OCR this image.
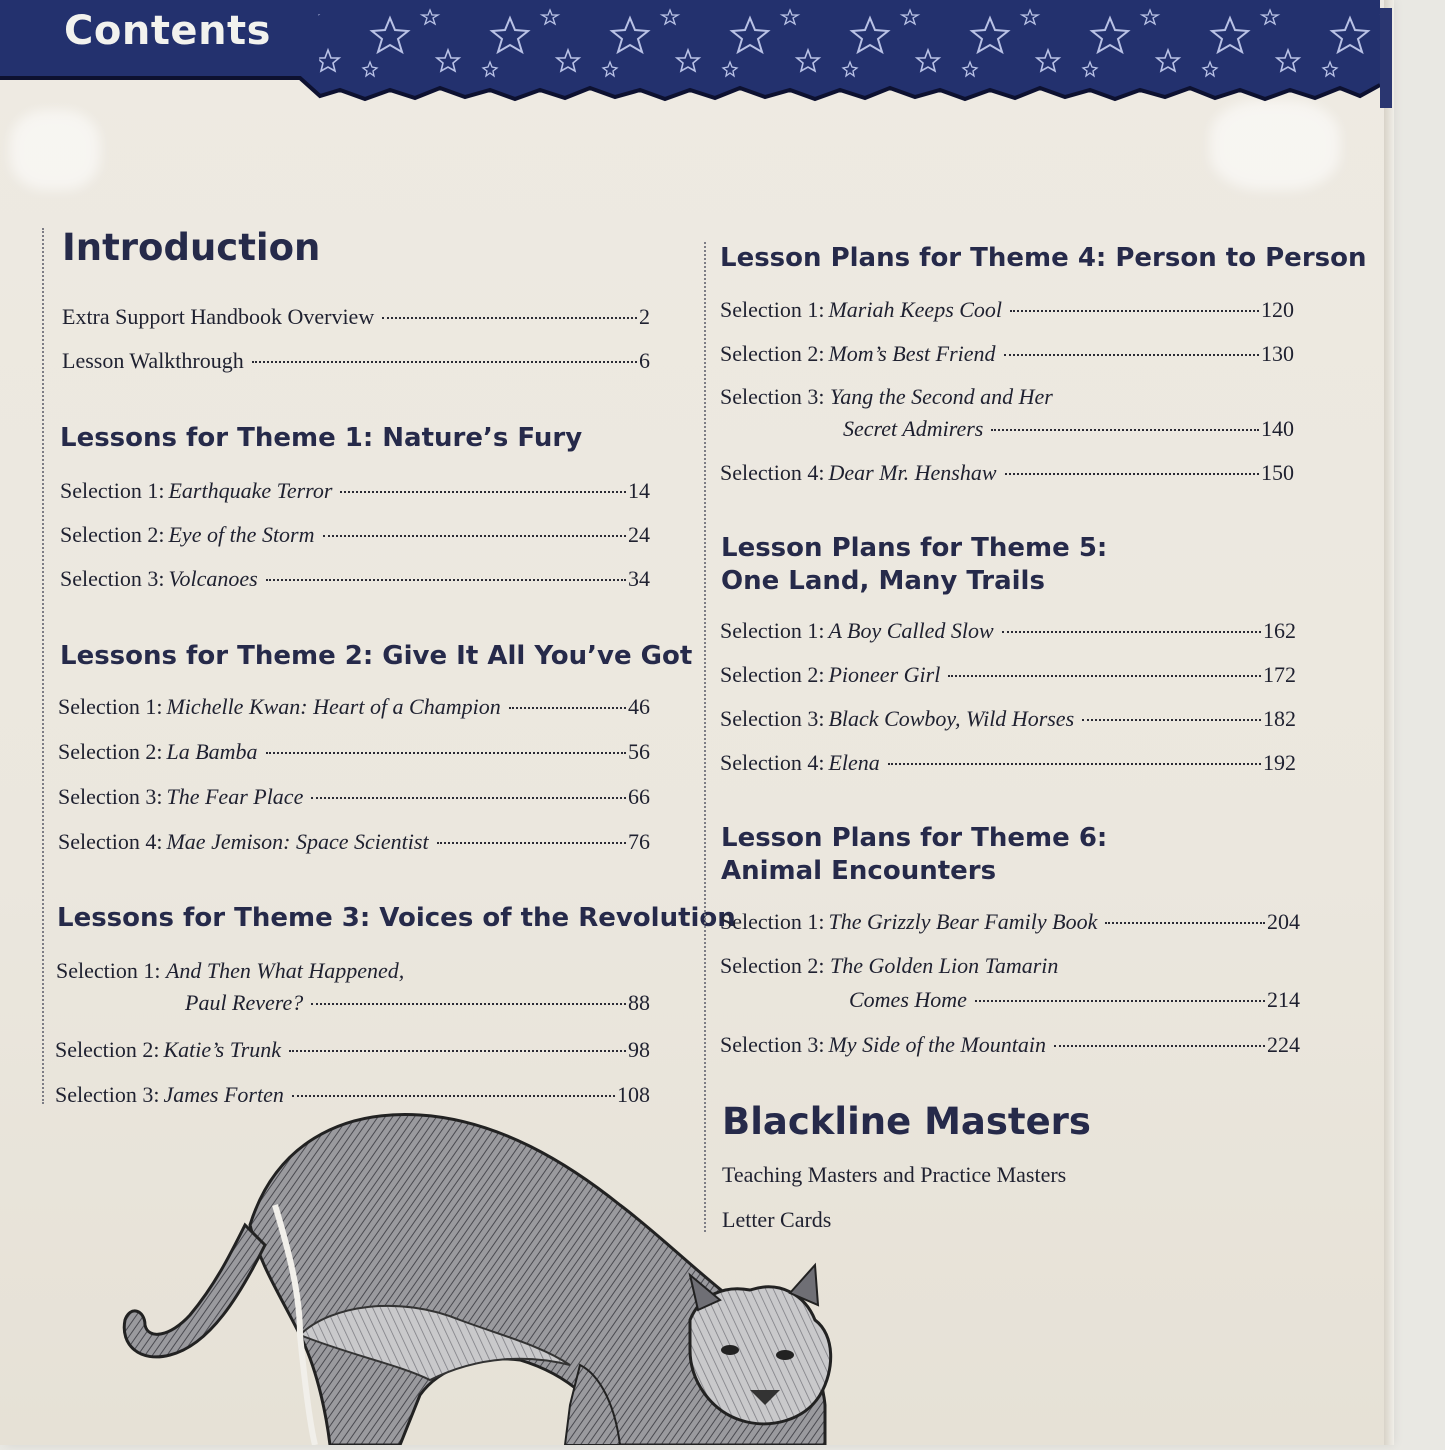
Contents
Introduction
Extra Support Handbook Overview	2
Lesson Walkthrough	6
Lessons for Theme 1: Nature’s Fury
Selection 1: Earthquake Terror	14
Selection 2: Eye of the Storm	24
Selection 3: Volcanoes	34
Lessons for Theme 2: Give It All You’ve Got
Selection 1: Michelle Kwan: Heart of a Champion	46
Selection 2: La Bamba	56
Selection 3: The Fear Place	66
Selection 4: Mae Jemison: Space Scientist	76
Lessons for Theme 3: Voices of the Revolution
Selection 1: And Then What Happened,
Paul Revere?	88
Selection 2: Katie’s Trunk	98
Selection 3: James Forten	108
Lesson Plans for Theme 4: Person to Person
Selection 1: Mariah Keeps Cool	120
Selection 2: Mom’s Best Friend	130
Selection 3: Yang the Second and Her
Secret Admirers	140
Selection 4: Dear Mr. Henshaw	150
Lesson Plans for Theme 5:
One Land, Many Trails
Selection 1: A Boy Called Slow	162
Selection 2: Pioneer Girl	172
Selection 3: Black Cowboy, Wild Horses	182
Selection 4: Elena	192
Lesson Plans for Theme 6:
Animal Encounters
Selection 1: The Grizzly Bear Family Book	204
Selection 2: The Golden Lion Tamarin
Comes Home	214
Selection 3: My Side of the Mountain	224
Blackline Masters
Teaching Masters and Practice Masters
Letter Cards
